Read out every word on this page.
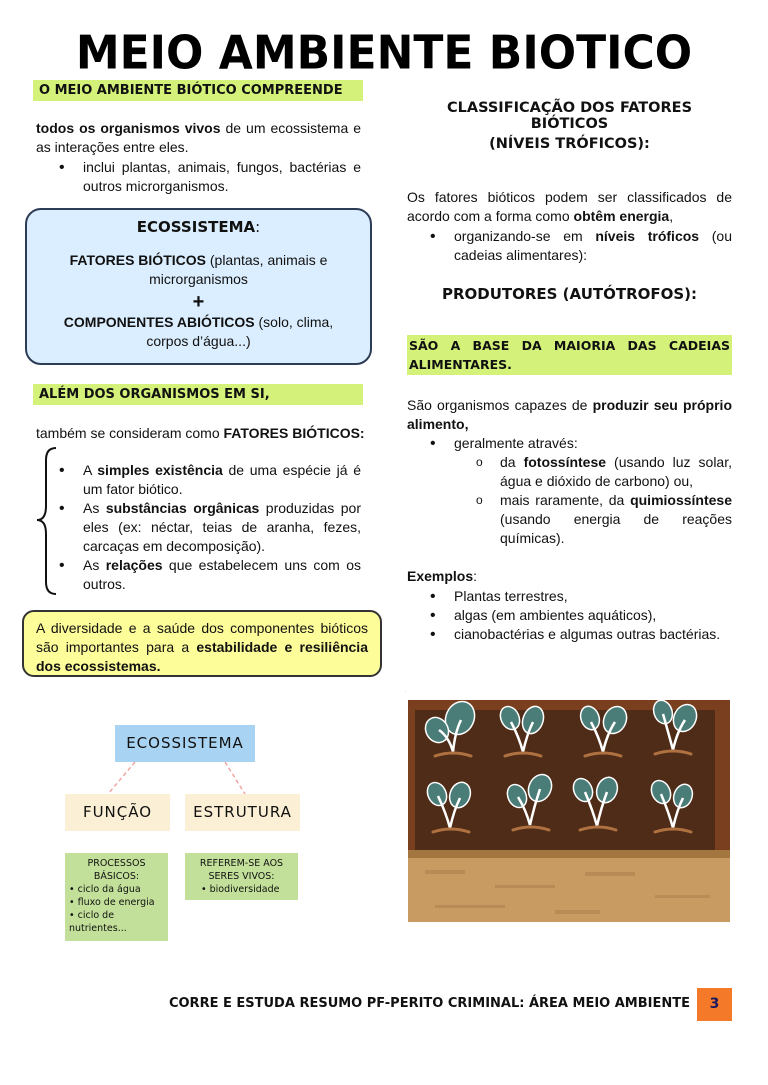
MEIO AMBIENTE BIOTICO
O MEIO AMBIENTE BIÓTICO COMPREENDE
todos os organismos vivos de um ecossistema e as interações entre eles.
• inclui plantas, animais, fungos, bactérias e outros microrganismos.
ECOSSISTEMA:
FATORES BIÓTICOS (plantas, animais e microrganismos
+
COMPONENTES ABIÓTICOS (solo, clima, corpos d’água...)
ALÉM DOS ORGANISMOS EM SI,
também se consideram como FATORES BIÓTICOS:
• A simples existência de uma espécie já é um fator biótico.
• As substâncias orgânicas produzidas por eles (ex: néctar, teias de aranha, fezes, carcaças em decomposição).
• As relações que estabelecem uns com os outros.
A diversidade e a saúde dos componentes bióticos são importantes para a estabilidade e resiliência dos ecossistemas.
ECOSSISTEMA
FUNÇÃO	ESTRUTURA
PROCESSOS BÁSICOS:
• ciclo da água
• fluxo de energia
• ciclo de nutrientes...
REFEREM-SE AOS SERES VIVOS:
• biodiversidade
CLASSIFICAÇÃO DOS FATORES BIÓTICOS
(NÍVEIS TRÓFICOS):
Os fatores bióticos podem ser classificados de acordo com a forma como obtêm energia,
• organizando-se em níveis tróficos (ou cadeias alimentares):
PRODUTORES (AUTÓTROFOS):
SÃO A BASE DA MAIORIA DAS CADEIAS ALIMENTARES.
São organismos capazes de produzir seu próprio alimento,
• geralmente através:
o da fotossíntese (usando luz solar, água e dióxido de carbono) ou,
o mais raramente, da quimiossíntese (usando energia de reações químicas).
Exemplos:
• Plantas terrestres,
• algas (em ambientes aquáticos),
• cianobactérias e algumas outras bactérias.
CORRE E ESTUDA RESUMO PF-PERITO CRIMINAL: ÁREA MEIO AMBIENTE	3
